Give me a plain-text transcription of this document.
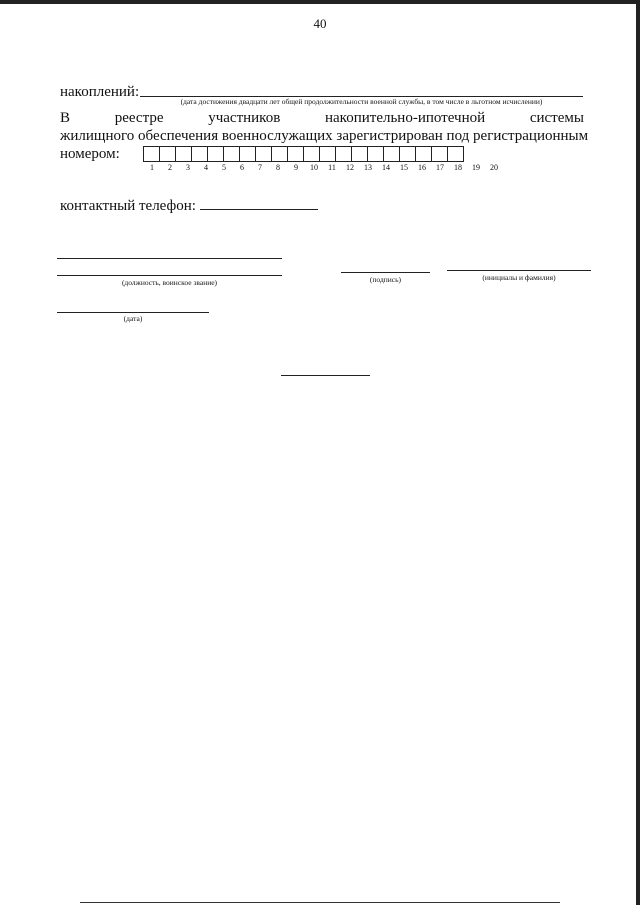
40
накоплений:
(дата достижения двадцати лет общей продолжительности военной службы, в том числе в льготном исчислении)
В	реестре	участников	накопительно-ипотечной	системы
жилищного обеспечения военнослужащих зарегистрирован под регистрационным
номером:
1	2	3	4	5	6	7	8	9	10	11	12	13	14	15	16	17	18	19	20
контактный телефон:
(должность, воинское звание)	(подпись)	(инициалы и фамилия)
(дата)
